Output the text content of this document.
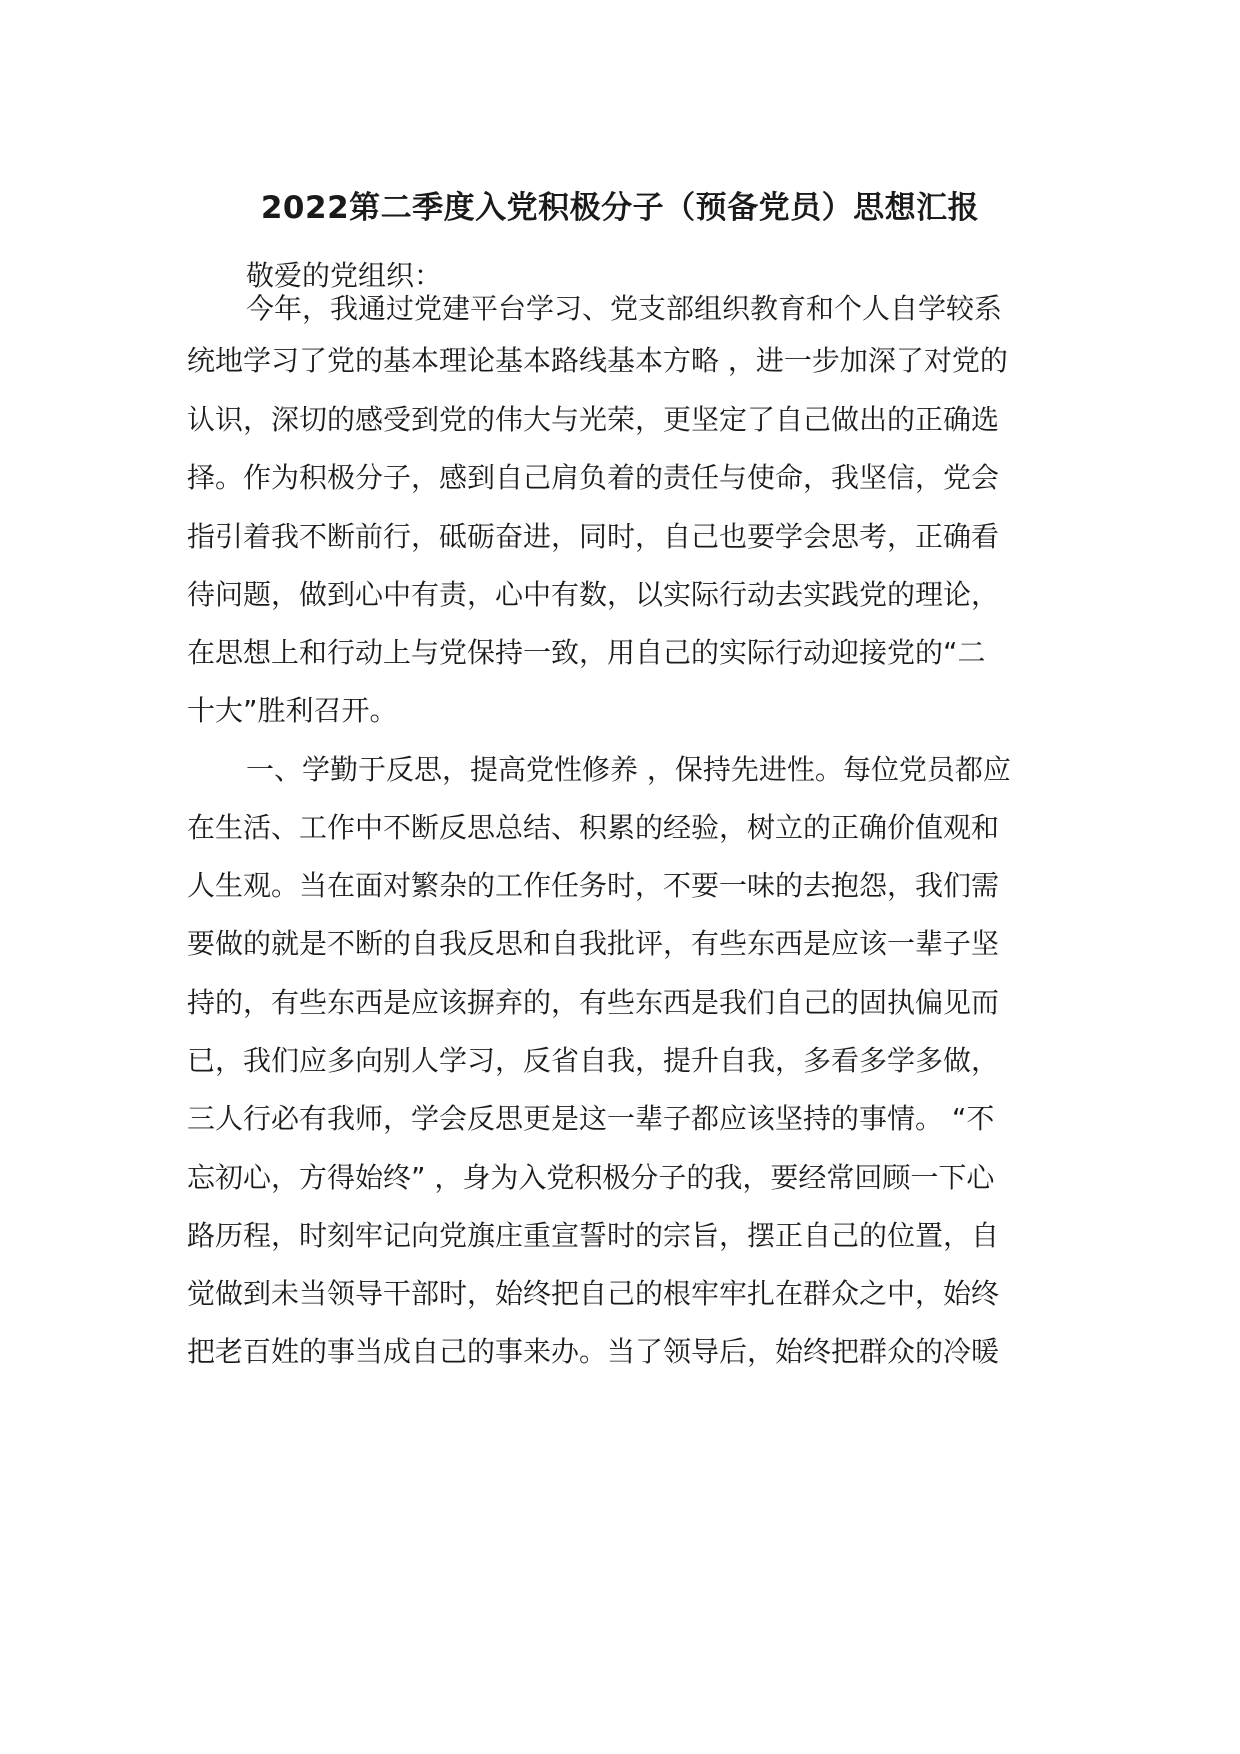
2022第二季度入党积极分子（预备党员）思想汇报
敬爱的党组织：
今年，我通过党建平台学习、党支部组织教育和个人自学较系
统地学习了党的基本理论基本路线基本方略 ，进一步加深了对党的
认识，深切的感受到党的伟大与光荣，更坚定了自己做出的正确选
择。作为积极分子，感到自己肩负着的责任与使命，我坚信，党会
指引着我不断前行，砥砺奋进，同时，自己也要学会思考，正确看
待问题，做到心中有责，心中有数，以实际行动去实践党的理论，
在思想上和行动上与党保持一致，用自己的实际行动迎接党的“二
十大”胜利召开。
一、学勤于反思，提高党性修养 ，保持先进性。每位党员都应
在生活、工作中不断反思总结、积累的经验，树立的正确价值观和
人生观。当在面对繁杂的工作任务时，不要一味的去抱怨，我们需
要做的就是不断的自我反思和自我批评，有些东西是应该一辈子坚
持的，有些东西是应该摒弃的，有些东西是我们自己的固执偏见而
已，我们应多向别人学习，反省自我，提升自我，多看多学多做，
三人行必有我师，学会反思更是这一辈子都应该坚持的事情。 “不
忘初心，方得始终” ，身为入党积极分子的我，要经常回顾一下心
路历程，时刻牢记向党旗庄重宣誓时的宗旨，摆正自己的位置，自
觉做到未当领导干部时，始终把自己的根牢牢扎在群众之中，始终
把老百姓的事当成自己的事来办。当了领导后，始终把群众的冷暖
